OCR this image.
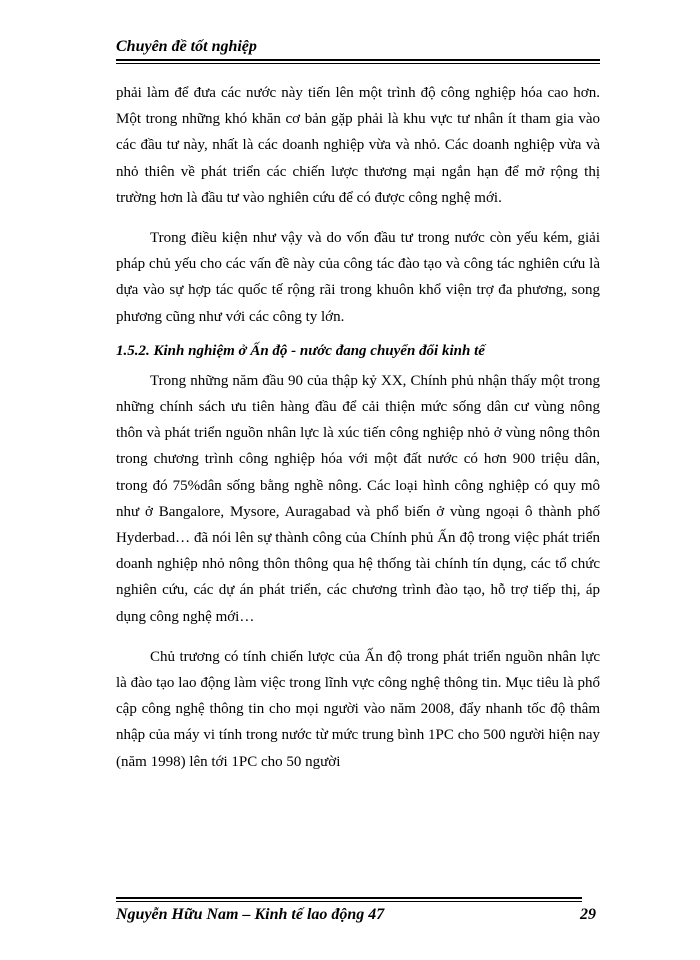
Chuyên đề tốt nghiệp

phải làm để đưa các nước này tiến lên một trình độ công nghiệp hóa cao hơn. Một trong những khó khăn cơ bản gặp phải là khu vực tư nhân ít tham gia vào các đầu tư này, nhất là các doanh nghiệp vừa và nhỏ. Các doanh nghiệp vừa và nhỏ thiên về phát triển các chiến lược thương mại ngắn hạn để mở rộng thị trường hơn là đầu tư vào nghiên cứu để có được công nghệ mới.

Trong điều kiện như vậy và do vốn đầu tư trong nước còn yếu kém, giải pháp chủ yếu cho các vấn đề này của công tác đào tạo và công tác nghiên cứu là dựa vào sự hợp tác quốc tế rộng rãi trong khuôn khổ viện trợ đa phương, song phương cũng như với các công ty lớn.

1.5.2. Kinh nghiệm ở Ấn độ - nước đang chuyển đổi kinh tế

Trong những năm đầu 90 của thập kỷ XX, Chính phủ nhận thấy một trong những chính sách ưu tiên hàng đầu để cải thiện mức sống dân cư vùng nông thôn và phát triển nguồn nhân lực là xúc tiến công nghiệp nhỏ ở vùng nông thôn trong chương trình công nghiệp hóa với một đất nước có hơn 900 triệu dân, trong đó 75%dân sống bằng nghề nông. Các loại hình công nghiệp có quy mô như ở Bangalore, Mysore, Auragabad và phổ biến ở vùng ngoại ô thành phố Hyderbad… đã nói lên sự thành công của Chính phủ Ấn độ trong việc phát triển doanh nghiệp nhỏ nông thôn thông qua hệ thống tài chính tín dụng, các tổ chức nghiên cứu, các dự án phát triển, các chương trình đào tạo, hỗ trợ tiếp thị, áp dụng công nghệ mới…

Chủ trương có tính chiến lược của Ấn độ trong phát triển nguồn nhân lực là đào tạo lao động làm việc trong lĩnh vực công nghệ thông tin. Mục tiêu là phổ cập công nghệ thông tin cho mọi người vào năm 2008, đẩy nhanh tốc độ thâm nhập của máy vi tính trong nước từ mức trung bình 1PC cho 500 người hiện nay (năm 1998) lên tới 1PC cho 50 người

Nguyễn Hữu Nam – Kinh tế lao động 47	29
